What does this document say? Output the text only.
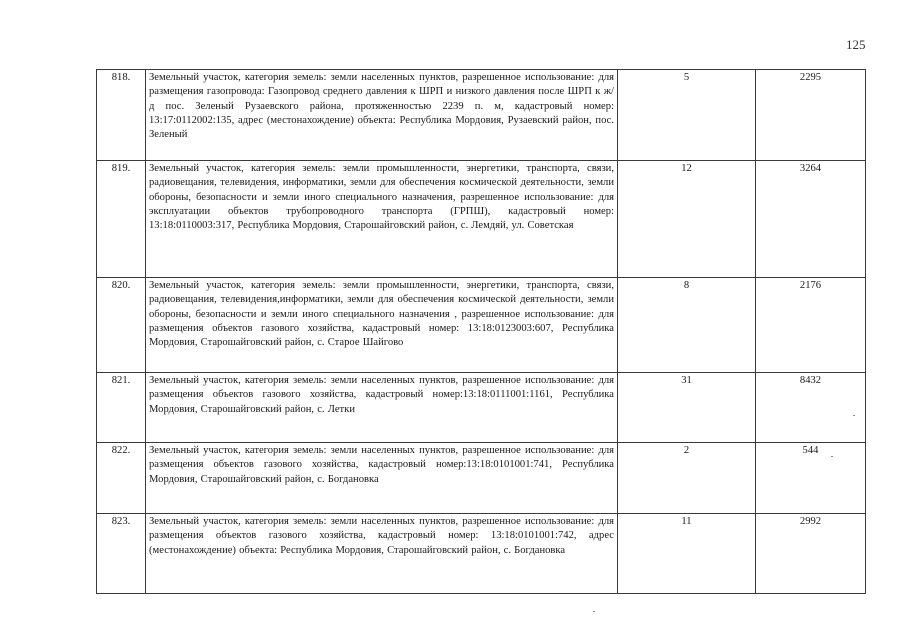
125
818.	Земельный участок, категория земель: земли населенных пунктов, разрешенное использование: для размещения газопровода: Газопровод среднего давления к ШРП и низкого давления после ШРП к ж/д пос. Зеленый Рузаевского района, протяженностью 2239 п. м, кадастровый номер: 13:17:0112002:135, адрес (местонахождение) объекта: Республика Мордовия, Рузаевский район, пос. Зеленый	5	2295
819.	Земельный участок, категория земель: земли промышленности, энергетики, транспорта, связи, радиовещания, телевидения, информатики, земли для обеспечения космической деятельности, земли обороны, безопасности и земли иного специального назначения, разрешенное использование: для эксплуатации объектов трубопроводного транспорта (ГРПШ), кадастровый номер: 13:18:0110003:317, Республика Мордовия, Старошайговский район, с. Лемдяй, ул. Советская	12	3264
820.	Земельный участок, категория земель: земли промышленности, энергетики, транспорта, связи, радиовещания, телевидения,информатики, земли для обеспечения космической деятельности, земли обороны, безопасности и земли иного специального назначения , разрешенное использование: для размещения объектов газового хозяйства, кадастровый номер: 13:18:0123003:607, Республика Мордовия, Старошайговский район, с. Старое Шайгово	8	2176
821.	Земельный участок, категория земель: земли населенных пунктов, разрешенное использование: для размещения объектов газового хозяйства, кадастровый номер:13:18:0111001:1161, Республика Мордовия, Старошайговский район, с. Летки	31	8432
822.	Земельный участок, категория земель: земли населенных пунктов, разрешенное использование: для размещения объектов газового хозяйства, кадастровый номер:13:18:0101001:741, Республика Мордовия, Старошайговский район, с. Богдановка	2	544
823.	Земельный участок, категория земель: земли населенных пунктов, разрешенное использование: для размещения объектов газового хозяйства, кадастровый номер: 13:18:0101001:742, адрес (местонахождение) объекта: Республика Мордовия, Старошайговский район, с. Богдановка	11	2992
